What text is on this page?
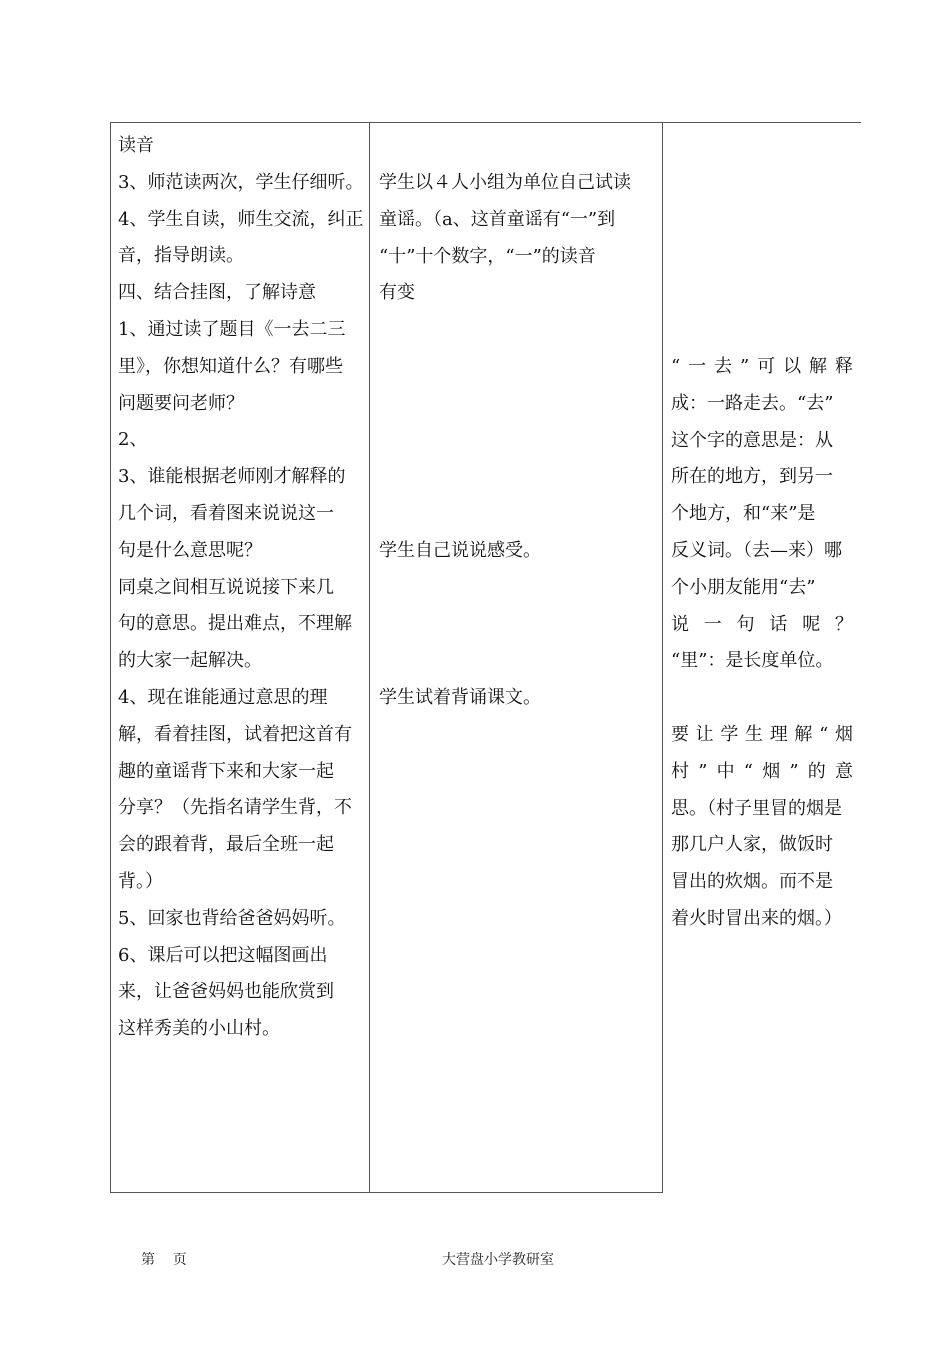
读音
3、师范读两次，学生仔细听。
4、学生自读，师生交流，纠正
音，指导朗读。
四、结合挂图，了解诗意
1、通过读了题目《一去二三
里》，你想知道什么？有哪些
问题要问老师？
2、
3、谁能根据老师刚才解释的
几个词，看着图来说说这一
句是什么意思呢？
同桌之间相互说说接下来几
句的意思。提出难点，不理解
的大家一起解决。
4、现在谁能通过意思的理
解，看着挂图，试着把这首有
趣的童谣背下来和大家一起
分享？（先指名请学生背，不
会的跟着背，最后全班一起
背。）
5、回家也背给爸爸妈妈听。
6、课后可以把这幅图画出
来，让爸爸妈妈也能欣赏到
这样秀美的小山村。
学生以４人小组为单位自己试读
童谣。（a、这首童谣有“一”到
“十”十个数字，“一”的读音
有变
学生自己说说感受。
学生试着背诵课文。
“一去”可以解释
成：一路走去。“去”
这个字的意思是：从
所在的地方，到另一
个地方，和“来”是
反义词。（去—来）哪
个小朋友能用“去”
说一句话呢？
“里”：是长度单位。
要让学生理解“烟
村”中“烟”的意
思。（村子里冒的烟是
那几户人家，做饭时
冒出的炊烟。而不是
着火时冒出来的烟。）
第    页	大营盘小学教研室
